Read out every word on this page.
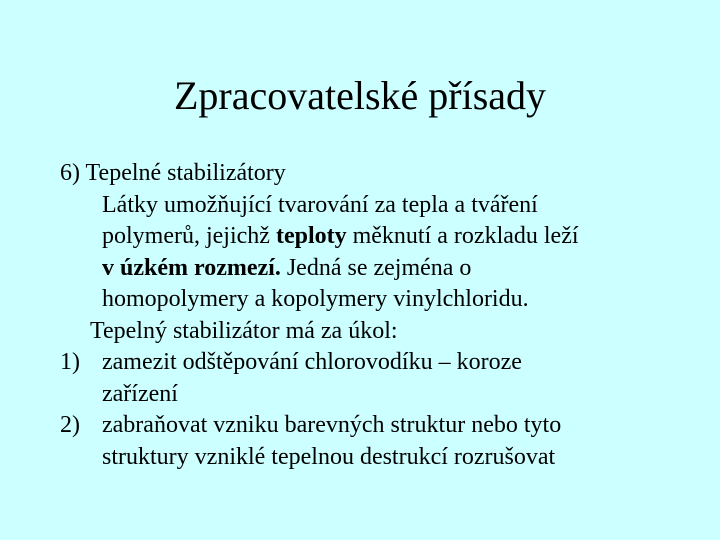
Zpracovatelské přísady
6) Tepelné stabilizátory
Látky umožňující tvarování za tepla a tváření
polymerů, jejichž teploty měknutí a rozkladu leží
v úzkém rozmezí. Jedná se zejména o
homopolymery a kopolymery vinylchloridu.
Tepelný stabilizátor má za úkol:
1) zamezit odštěpování chlorovodíku – koroze
zařízení
2) zabraňovat vzniku barevných struktur nebo tyto
struktury vzniklé tepelnou destrukcí rozrušovat
